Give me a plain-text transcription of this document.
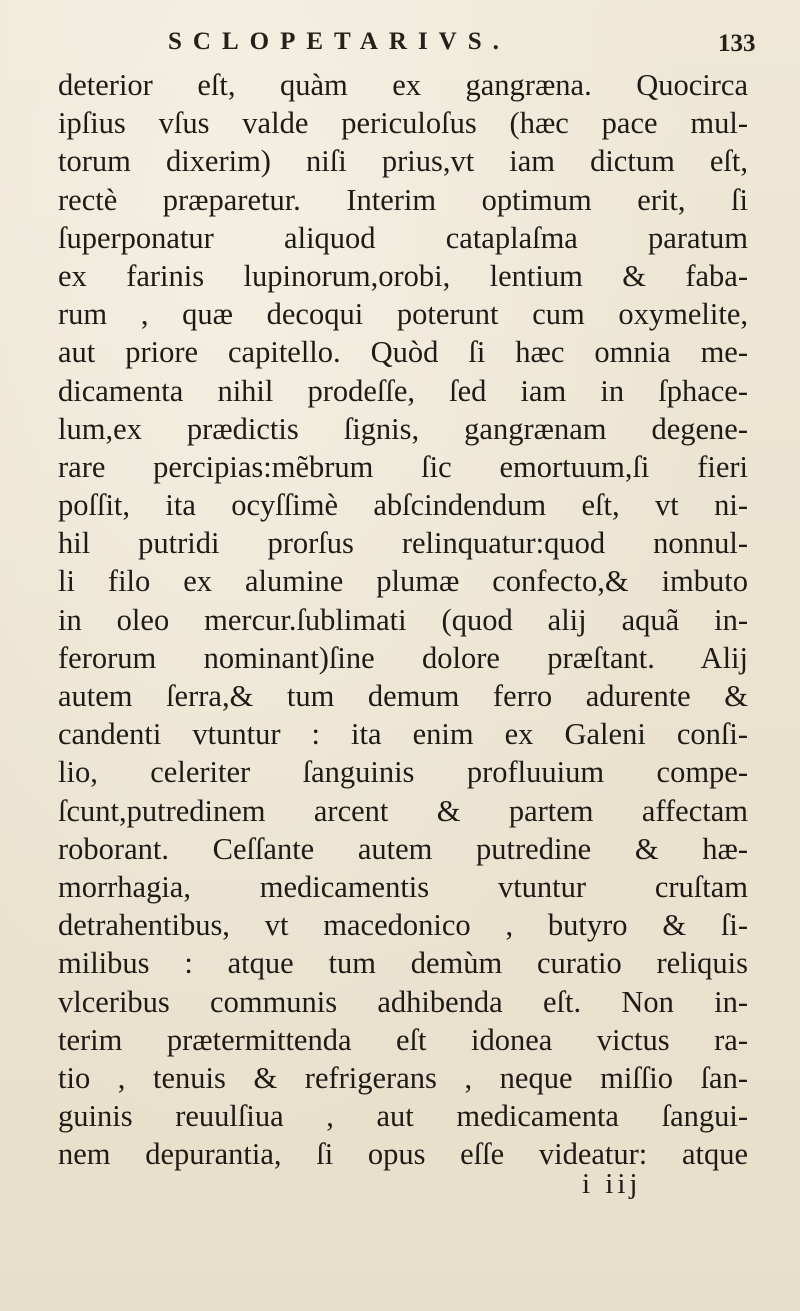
SCLOPETARIVS.	133
deterior eſt, quàm ex gangræna. Quocirca
ipſius vſus valde periculoſus (hæc pace mul-
torum dixerim) niſi prius,vt iam dictum eſt,
rectè præparetur. Interim optimum erit, ſi
ſuperponatur aliquod cataplaſma paratum
ex farinis lupinorum,orobi, lentium & faba-
rum , quæ decoqui poterunt cum oxymelite,
aut priore capitello. Quòd ſi hæc omnia me-
dicamenta nihil prodeſſe, ſed iam in ſphace-
lum,ex prædictis ſignis, gangrænam degene-
rare percipias:mẽbrum ſic emortuum,ſi fieri
poſſit, ita ocyſſimè abſcindendum eſt, vt ni-
hil putridi prorſus relinquatur:quod nonnul-
li filo ex alumine plumæ confecto,& imbuto
in oleo mercur.ſublimati (quod alij aquã in-
ferorum nominant)ſine dolore præſtant. Alij
autem ſerra,& tum demum ferro adurente &
candenti vtuntur : ita enim ex Galeni conſi-
lio, celeriter ſanguinis profluuium compe-
ſcunt,putredinem arcent & partem affectam
roborant. Ceſſante autem putredine & hæ-
morrhagia, medicamentis vtuntur cruſtam
detrahentibus, vt macedonico , butyro & ſi-
milibus : atque tum demùm curatio reliquis
vlceribus communis adhibenda eſt. Non in-
terim prætermittenda eſt idonea victus ra-
tio , tenuis & refrigerans , neque miſſio ſan-
guinis reuulſiua , aut medicamenta ſangui-
nem depurantia, ſi opus eſſe videatur: atque
i iij
